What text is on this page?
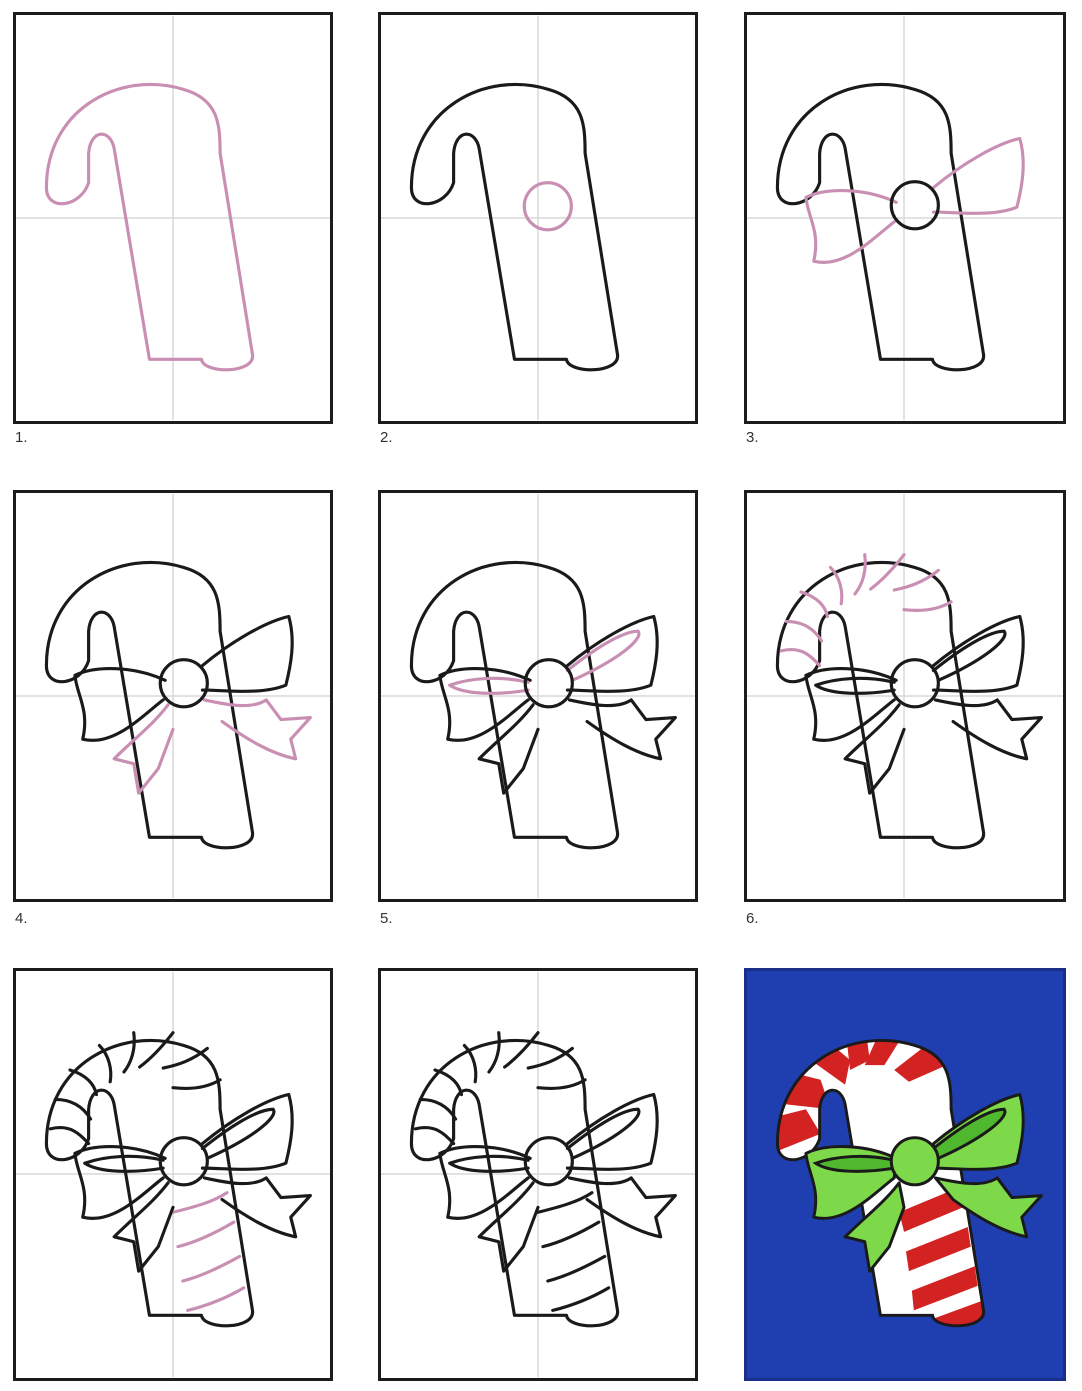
1.	2.	3.
4.	5.	6.
